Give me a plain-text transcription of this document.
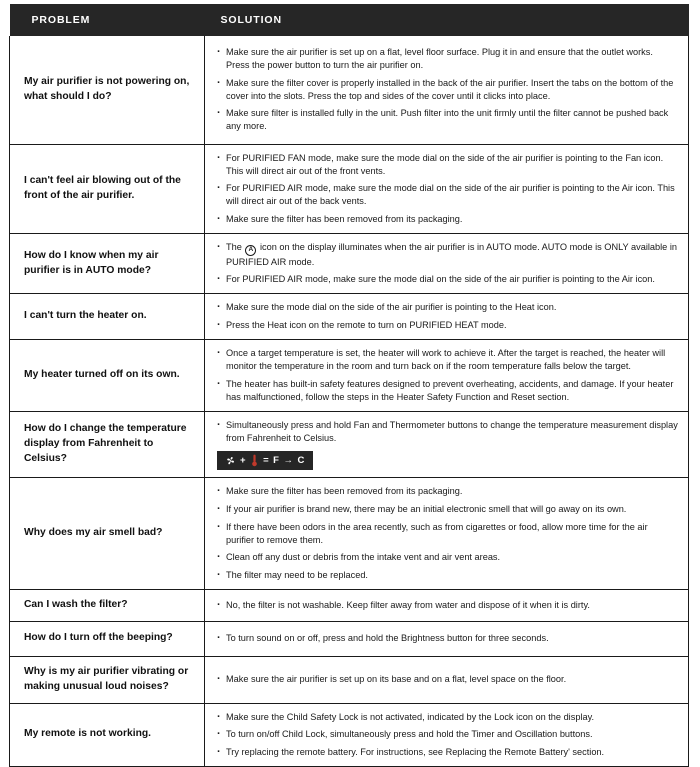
PROBLEM	SOLUTION
My air purifier is not powering on, what should I do?	
· Make sure the air purifier is set up on a flat, level floor surface. Plug it in and ensure that the outlet works. Press the power button to turn the air purifier on.
· Make sure the filter cover is properly installed in the back of the air purifier. Insert the tabs on the bottom of the cover into the slots. Press the top and sides of the cover until it clicks into place.
· Make sure filter is installed fully in the unit. Push filter into the unit firmly until the filter cannot be pushed back any more.

I can't feel air blowing out of the front of the air purifier.	
· For PURIFIED FAN mode, make sure the mode dial on the side of the air purifier is pointing to the Fan icon. This will direct air out of the front vents.
· For PURIFIED AIR mode, make sure the mode dial on the side of the air purifier is pointing to the Air icon. This will direct air out of the back vents.
· Make sure the filter has been removed from its packaging.

How do I know when my air purifier is in AUTO mode?	
· The A icon on the display illuminates when the air purifier is in AUTO mode. AUTO mode is ONLY available in PURIFIED AIR mode.
· For PURIFIED AIR mode, make sure the mode dial on the side of the air purifier is pointing to the Air icon.

I can't turn the heater on.	
· Make sure the mode dial on the side of the air purifier is pointing to the Heat icon.
· Press the Heat icon on the remote to turn on PURIFIED HEAT mode.

My heater turned off on its own.	
· Once a target temperature is set, the heater will work to achieve it. After the target is reached, the heater will monitor the temperature in the room and turn back on if the room temperature falls below the target.
· The heater has built-in safety features designed to prevent overheating, accidents, and damage. If your heater has malfunctioned, follow the steps in the Heater Safety Function and Reset section.

How do I change the temperature display from Fahrenheit to Celsius?	
· Simultaneously press and hold Fan and Thermometer buttons to change the temperature measurement display from Fahrenheit to Celsius.
+ = F → C

Why does my air smell bad?	
· Make sure the filter has been removed from its packaging.
· If your air purifier is brand new, there may be an initial electronic smell that will go away on its own.
· If there have been odors in the area recently, such as from cigarettes or food, allow more time for the air purifier to remove them.
· Clean off any dust or debris from the intake vent and air vent areas.
· The filter may need to be replaced.

Can I wash the filter?	
·No, the filter is not washable. Keep filter away from water and dispose of it when it is dirty.

How do I turn off the beeping?	
·To turn sound on or off, press and hold the Brightness button for three seconds.

Why is my air purifier vibrating or making unusual loud noises?	
· Make sure the air purifier is set up on its base and on a flat, level space on the floor.

My remote is not working.	
· Make sure the Child Safety Lock is not activated, indicated by the Lock icon on the display.
· To turn on/off Child Lock, simultaneously press and hold the Timer and Oscillation buttons.
· Try replacing the remote battery. For instructions, see Replacing the Remote Battery' section.
